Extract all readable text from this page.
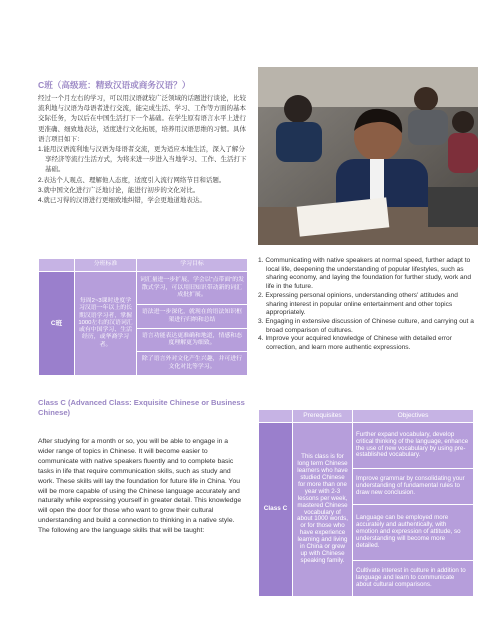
C班（高级班：精致汉语或商务汉语？）

经过一个月左右的学习，可以用汉语就较广泛领域的话题进行谈论，比较流利地与汉语为母语者进行交流，能完成生活、学习、工作等方面的基本交际任务，为以后在中国生活打下一个基础。在学生原有语言水平上进行更准确、细致地表达，适度进行文化拓展，培养用汉语思维的习惯。具体语言项目如下：

1.能用汉语流利地与汉语为母语者交流，更为适应本地生活，深入了解分享经济等流行生活方式，为将来进一步进入当地学习、工作、生活打下基础。

2.表达个人观点、理解他人态度，适度引入流行网络节目和话题。

3.就中国文化进行广泛地讨论，能进行初步的文化对比。

4.就已习得的汉语进行更细致地纠错，学会更地道地表达。

	分班标准	学习目标
C班	每周2~3课时进度学习汉语一年以上的长期汉语学习者，掌握1000左右的汉语词汇或有中国学习、生活经历，或华裔学习者。	词汇量进一步扩展，学会以“点带面”的发散式学习，可以用旧知识带动新的词汇成批扩展。
		语法进一步深化，就现在的语法知识框架进行归纳和总结
		语言功能表达更准确和地道，情感和态度理解更为细致。
		除了语言外对文化产生兴趣，并可进行文化对比等学习。

1. Communicating with native speakers at normal speed, further adapt to local life, deepening the understanding of popular lifestyles, such as sharing economy, and laying the foundation for further study, work and life in the future.

2. Expressing personal opinions, understanding others' attitudes and sharing interest in popular online entertainment and other topics appropriately.

3. Engaging in extensive discussion of Chinese culture, and carrying out a broad comparison of cultures.

4. Improve your acquired knowledge of Chinese with detailed error correction, and learn more authentic expressions.

Class C (Advanced Class: Exquisite Chinese or Business Chinese)

After studying for a month or so, you will be able to engage in a wider range of topics in Chinese. It will become easier to communicate with native speakers fluently and to complete basic tasks in life that require communication skills, such as study and work. These skills will lay the foundation for future life in China. You will be more capable of using the Chinese language accurately and naturally while expressing yourself in greater detail. This knowledge will open the door for those who want to grow their cultural understanding and build a connection to thinking in a native style. The following are the language skills that will be taught:

	Prerequisites	Objectives
Class C	This class is for long term Chinese learners who have studied Chinese for more than one year with 2-3 lessons per week, mastered Chinese vocabulary of about 1000 words, or for those who have experience learning and living in China or grew up with Chinese speaking family.	Further expand vocabulary, develop critical thinking of the language, enhance the use of new vocabulary by using pre-established vocabulary.
		Improve grammar by consolidating your understanding of fundamental rules to draw new conclusion.
		Language can be employed more accurately and authentically, with emotion and expression of attitude, so understanding will become more detailed.
		Cultivate interest in culture in addition to language and learn to communicate about cultural comparisons.
